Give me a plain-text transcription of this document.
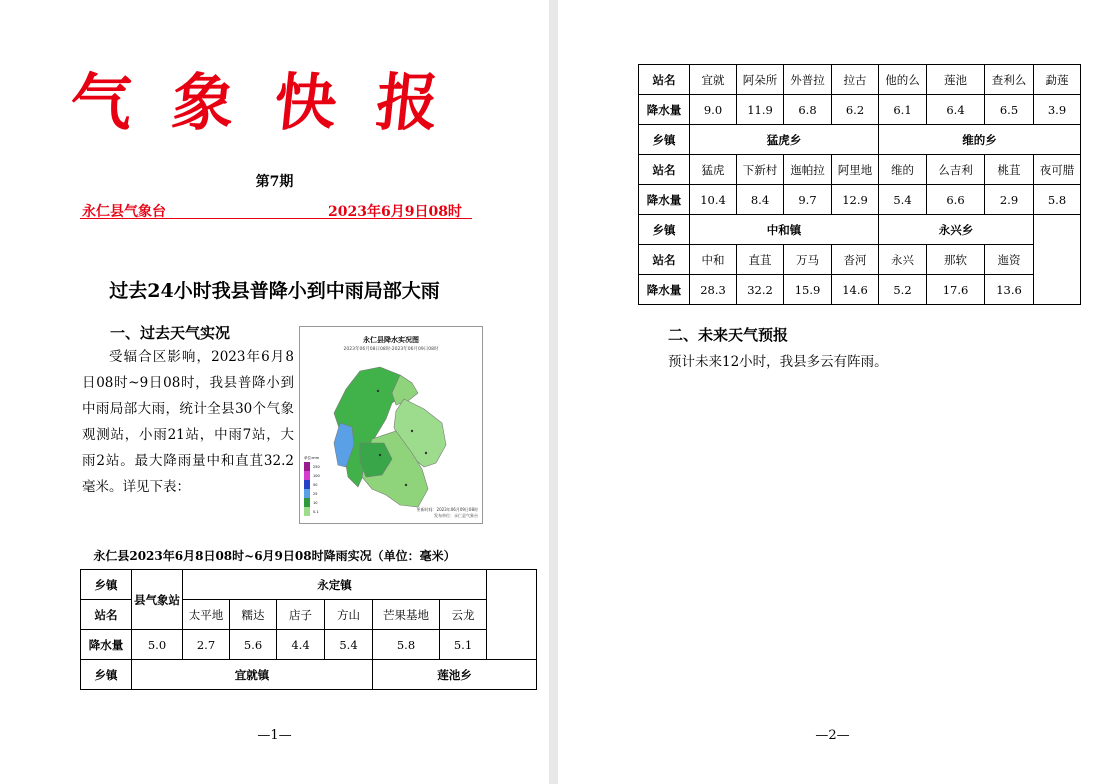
气象快报
第7期
永仁县气象台	2023年6月9日08时
过去24小时我县普降小到中雨局部大雨
一、过去天气实况
受辐合区影响，2023年6月8日08时~9日08时，我县普降小到中雨局部大雨，统计全县30个气象观测站，小雨21站，中雨7站，大雨2站。最大降雨量中和直苴32.2毫米。详见下表：
永仁县降水实况图
2023年06月08日08时-2023年06月09日08时
单位:mm
250
100
50
25
10
0.1	更新时间：2023年06月09日08时
发布单位：永仁县气象台
永仁县2023年6月8日08时~6月9日08时降雨实况（单位：毫米）
乡镇	县气象站	永定镇						
站名		太平地	糯达	店子	方山	芒果基地	云龙	
降水量	5.0	2.7	5.6	4.4	5.4	5.8	5.1	
乡镇	宜就镇					莲池乡		
—1—
站名	宜就	阿朵所	外普拉	拉古	他的么	莲池	查利么	勐莲
降水量	9.0	11.9	6.8	6.2	6.1	6.4	6.5	3.9
乡镇	猛虎乡				维的乡			
站名	猛虎	下新村	迤帕拉	阿里地	维的	么吉利	桃苴	夜可腊
降水量	10.4	8.4	9.7	12.9	5.4	6.6	2.9	5.8
乡镇	中和镇				永兴乡			
站名	中和	直苴	万马	沓河	永兴	那软	迤资	
降水量	28.3	32.2	15.9	14.6	5.2	17.6	13.6	
二、未来天气预报
预计未来12小时，我县多云有阵雨。
—2—
